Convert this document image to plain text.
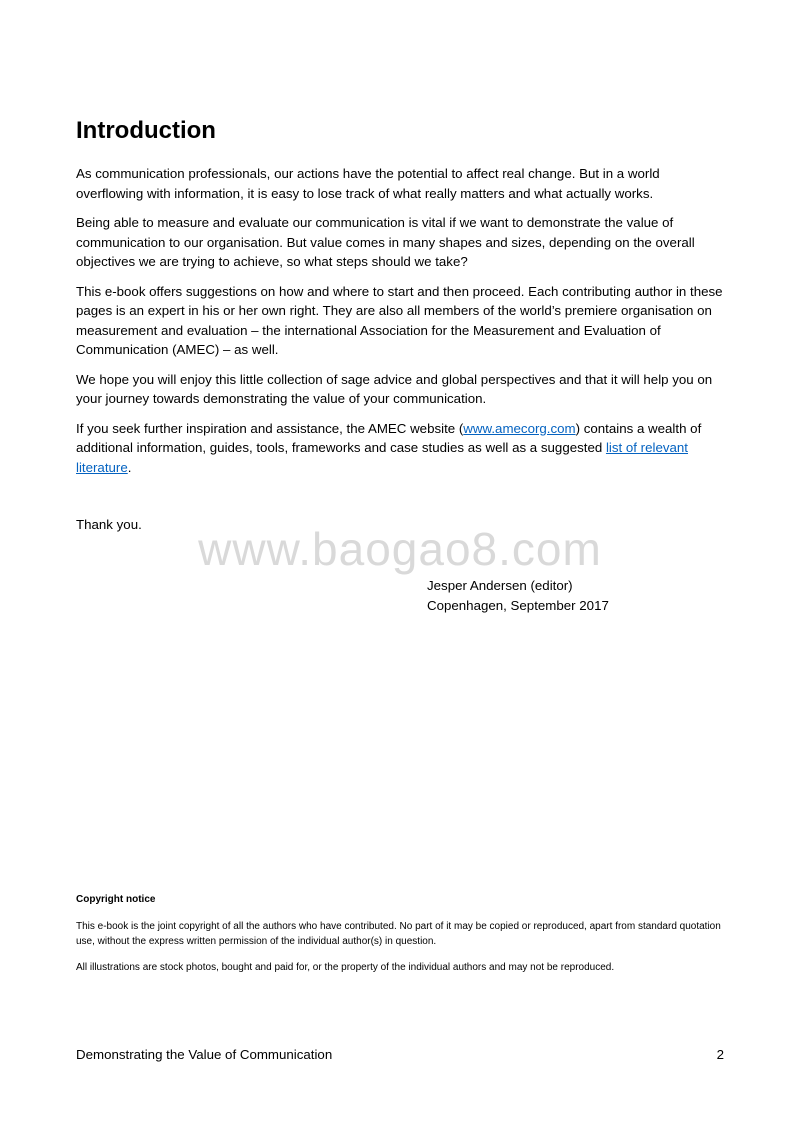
Introduction

As communication professionals, our actions have the potential to affect real change. But in a world overflowing with information, it is easy to lose track of what really matters and what actually works.

Being able to measure and evaluate our communication is vital if we want to demonstrate the value of communication to our organisation. But value comes in many shapes and sizes, depending on the overall objectives we are trying to achieve, so what steps should we take?

This e-book offers suggestions on how and where to start and then proceed. Each contributing author in these pages is an expert in his or her own right. They are also all members of the world’s premiere organisation on measurement and evaluation – the international Association for the Measurement and Evaluation of Communication (AMEC) – as well.

We hope you will enjoy this little collection of sage advice and global perspectives and that it will help you on your journey towards demonstrating the value of your communication.

If you seek further inspiration and assistance, the AMEC website (www.amecorg.com) contains a wealth of additional information, guides, tools, frameworks and case studies as well as a suggested list of relevant literature.

Thank you.	www.baogao8.com
Jesper Andersen (editor)
Copenhagen, September 2017
Copyright notice

This e-book is the joint copyright of all the authors who have contributed. No part of it may be copied or reproduced, apart from standard quotation use, without the express written permission of the individual author(s) in question.

All illustrations are stock photos, bought and paid for, or the property of the individual authors and may not be reproduced.

Demonstrating the Value of Communication	2
